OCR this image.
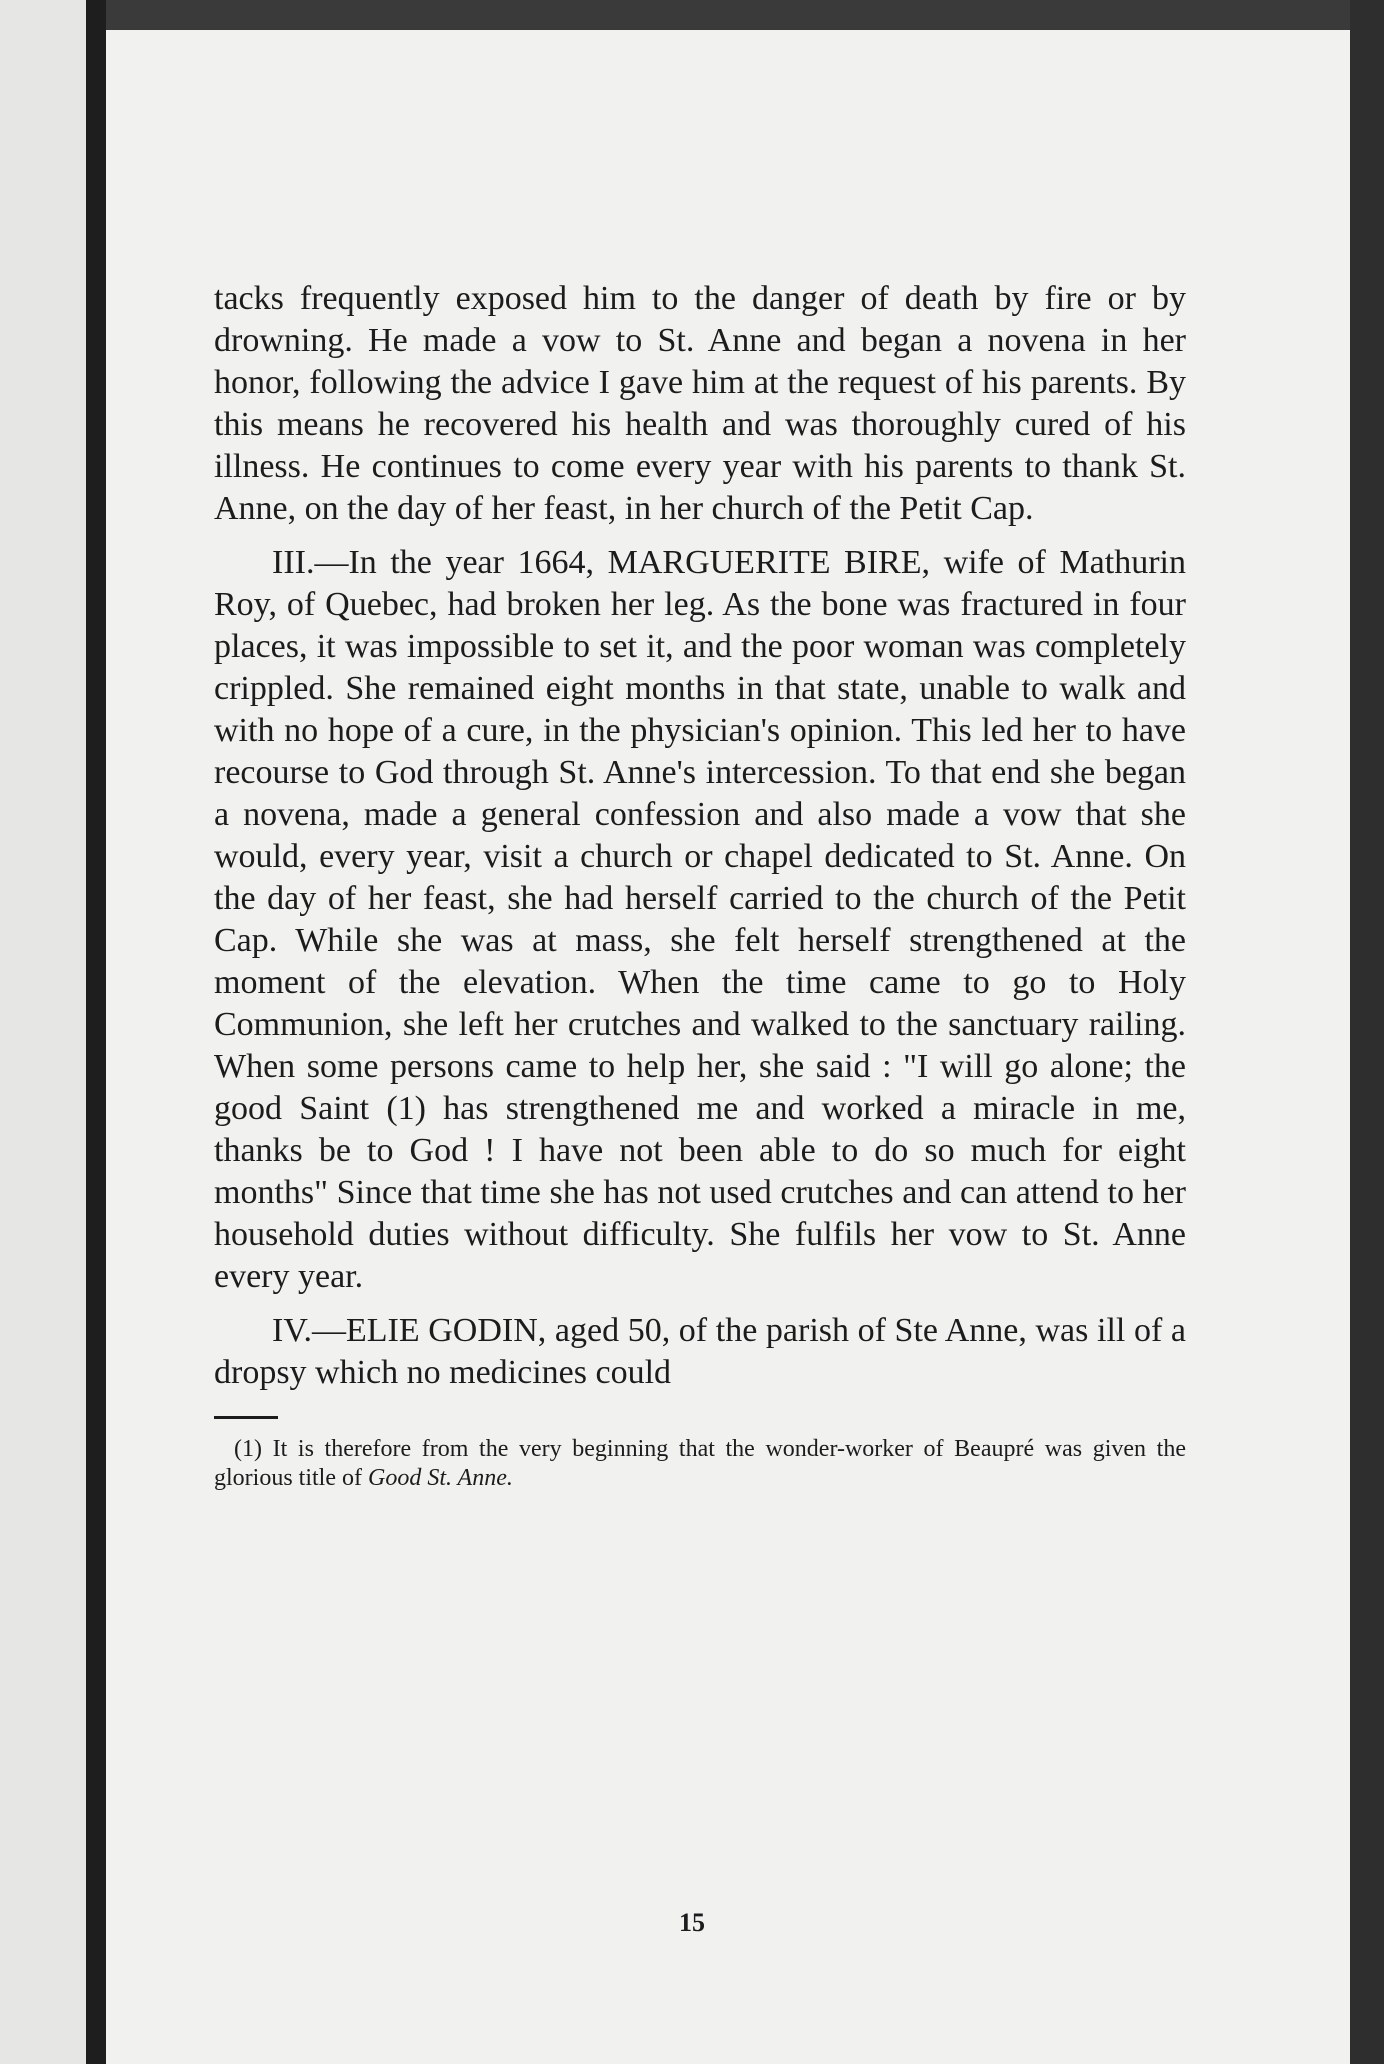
tacks frequently exposed him to the danger of death by fire or by drowning. He made a vow to St. Anne and began a novena in her honor, following the advice I gave him at the request of his parents. By this means he recovered his health and was thoroughly cured of his illness. He continues to come every year with his parents to thank St. Anne, on the day of her feast, in her church of the Petit Cap.

III.—In the year 1664, MARGUERITE BIRE, wife of Mathurin Roy, of Quebec, had broken her leg. As the bone was fractured in four places, it was impossible to set it, and the poor woman was completely crippled. She remained eight months in that state, unable to walk and with no hope of a cure, in the physician's opinion. This led her to have recourse to God through St. Anne's intercession. To that end she began a novena, made a general confession and also made a vow that she would, every year, visit a church or chapel dedicated to St. Anne. On the day of her feast, she had herself carried to the church of the Petit Cap. While she was at mass, she felt herself strengthened at the moment of the elevation. When the time came to go to Holy Communion, she left her crutches and walked to the sanctuary railing. When some persons came to help her, she said : "I will go alone; the good Saint (1) has strengthened me and worked a miracle in me, thanks be to God ! I have not been able to do so much for eight months" Since that time she has not used crutches and can attend to her household duties without difficulty. She fulfils her vow to St. Anne every year.

IV.—ELIE GODIN, aged 50, of the parish of Ste Anne, was ill of a dropsy which no medicines could

(1) It is therefore from the very beginning that the wonder-worker of Beaupré was given the glorious title of Good St. Anne.

15
